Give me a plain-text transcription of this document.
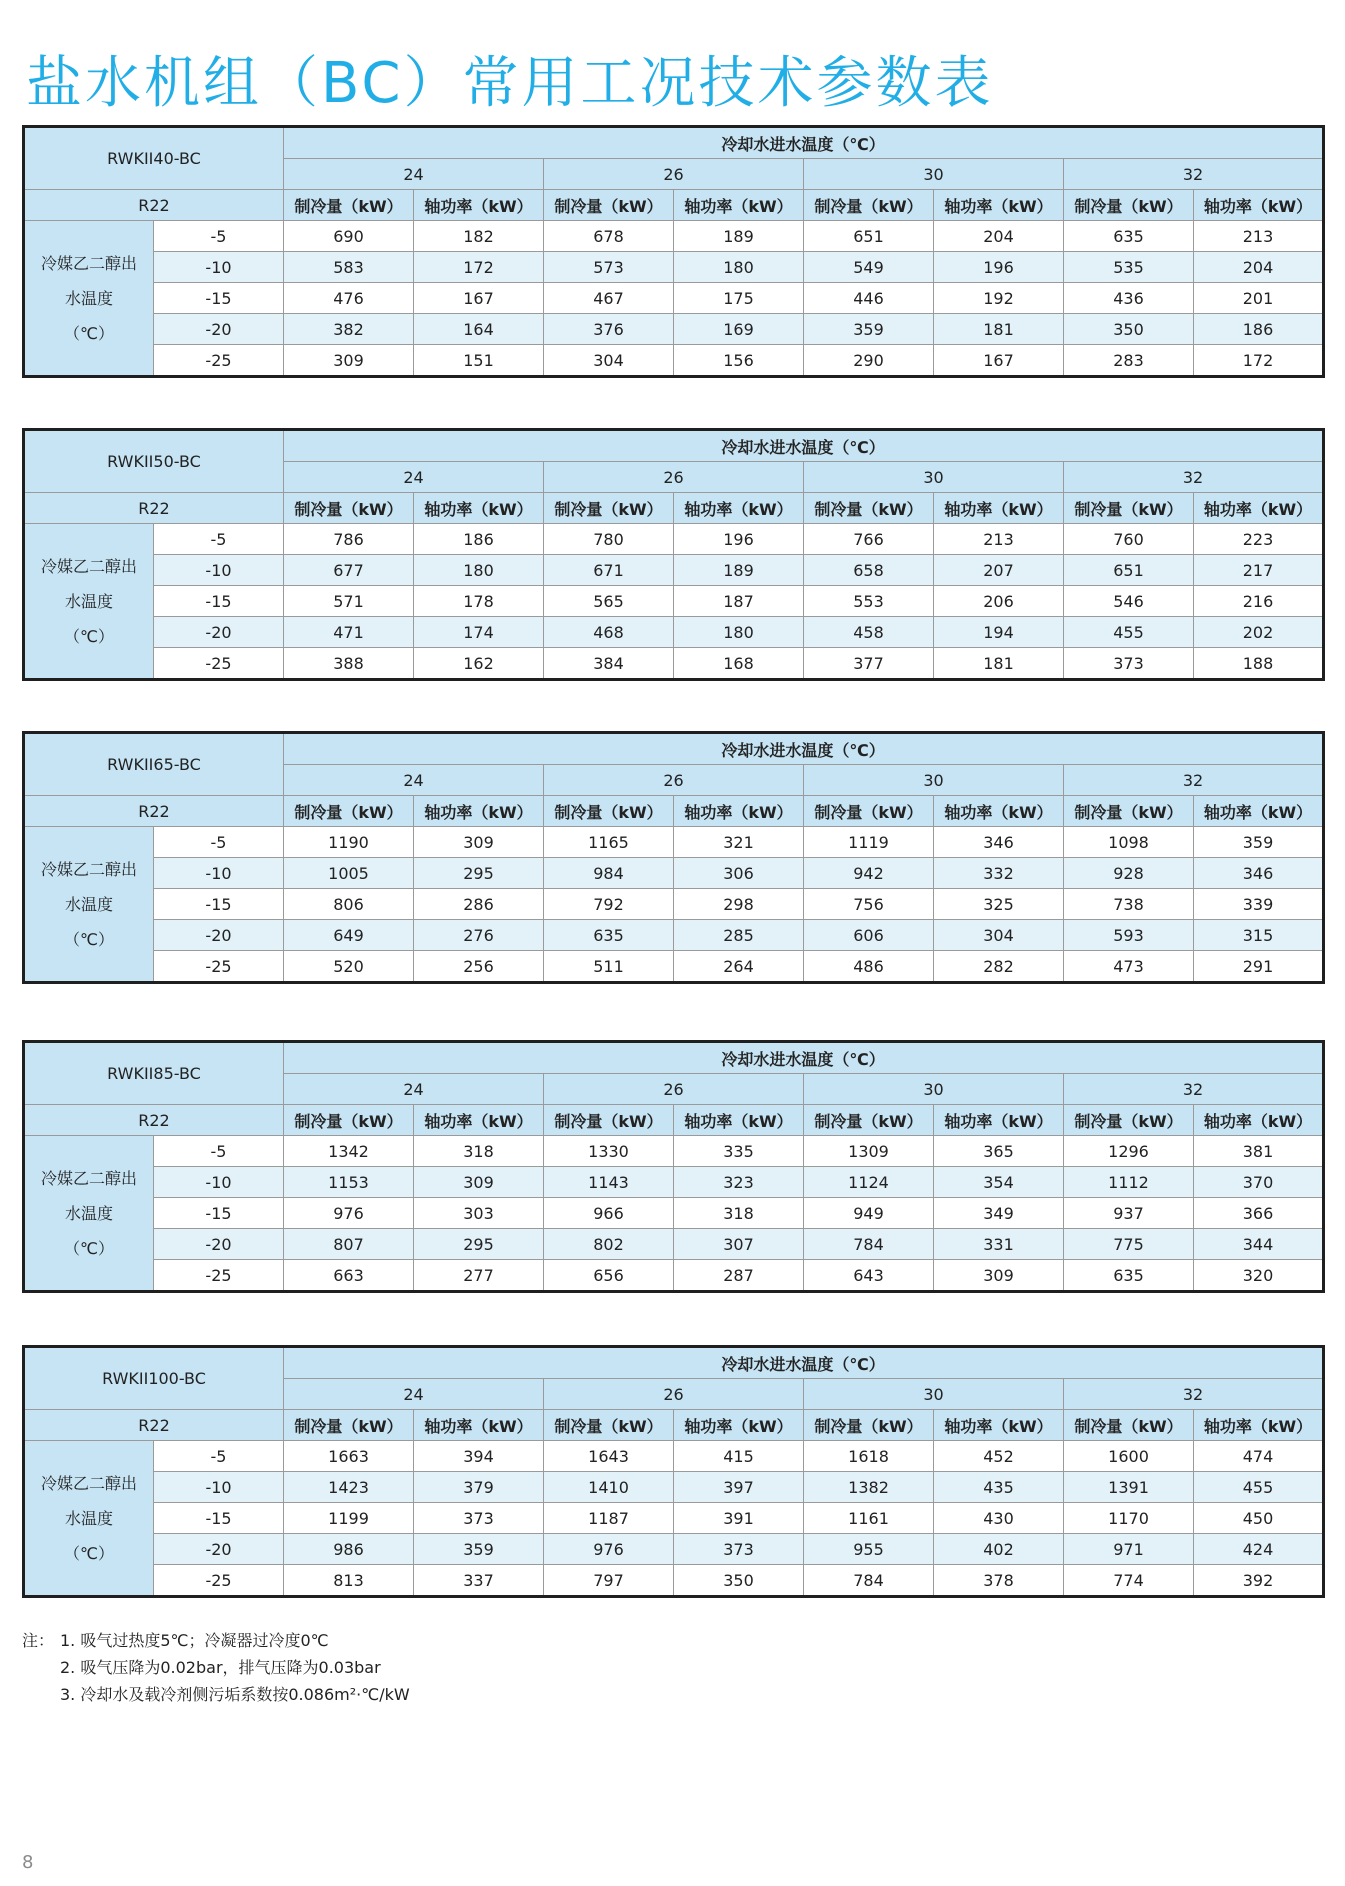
盐水机组（BC）常用工况技术参数表
RWKII40-BC		冷却水进水温度（℃）							
		24		26		30		32	
R22		制冷量（kW）	轴功率（kW）	制冷量（kW）	轴功率（kW）	制冷量（kW）	轴功率（kW）	制冷量（kW）	轴功率（kW）

冷媒乙二醇出
水温度
（℃）	-5	690	182	678	189	651	204	635	213
	-10	583	172	573	180	549	196	535	204
	-15	476	167	467	175	446	192	436	201
	-20	382	164	376	169	359	181	350	186
	-25	309	151	304	156	290	167	283	172
RWKII50-BC		冷却水进水温度（℃）							
		24		26		30		32	
R22		制冷量（kW）	轴功率（kW）	制冷量（kW）	轴功率（kW）	制冷量（kW）	轴功率（kW）	制冷量（kW）	轴功率（kW）

冷媒乙二醇出
水温度
（℃）	-5	786	186	780	196	766	213	760	223
	-10	677	180	671	189	658	207	651	217
	-15	571	178	565	187	553	206	546	216
	-20	471	174	468	180	458	194	455	202
	-25	388	162	384	168	377	181	373	188
RWKII65-BC		冷却水进水温度（℃）							
		24		26		30		32	
R22		制冷量（kW）	轴功率（kW）	制冷量（kW）	轴功率（kW）	制冷量（kW）	轴功率（kW）	制冷量（kW）	轴功率（kW）

冷媒乙二醇出
水温度
（℃）	-5	1190	309	1165	321	1119	346	1098	359
	-10	1005	295	984	306	942	332	928	346
	-15	806	286	792	298	756	325	738	339
	-20	649	276	635	285	606	304	593	315
	-25	520	256	511	264	486	282	473	291
RWKII85-BC		冷却水进水温度（℃）							
		24		26		30		32	
R22		制冷量（kW）	轴功率（kW）	制冷量（kW）	轴功率（kW）	制冷量（kW）	轴功率（kW）	制冷量（kW）	轴功率（kW）

冷媒乙二醇出
水温度
（℃）	-5	1342	318	1330	335	1309	365	1296	381
	-10	1153	309	1143	323	1124	354	1112	370
	-15	976	303	966	318	949	349	937	366
	-20	807	295	802	307	784	331	775	344
	-25	663	277	656	287	643	309	635	320
RWKII100-BC		冷却水进水温度（℃）							
		24		26		30		32	
R22		制冷量（kW）	轴功率（kW）	制冷量（kW）	轴功率（kW）	制冷量（kW）	轴功率（kW）	制冷量（kW）	轴功率（kW）

冷媒乙二醇出
水温度
（℃）	-5	1663	394	1643	415	1618	452	1600	474
	-10	1423	379	1410	397	1382	435	1391	455
	-15	1199	373	1187	391	1161	430	1170	450
	-20	986	359	976	373	955	402	971	424
	-25	813	337	797	350	784	378	774	392
注： 1. 吸气过热度5℃；冷凝器过冷度0℃
2. 吸气压降为0.02bar，排气压降为0.03bar
3. 冷却水及载冷剂侧污垢系数按0.086m²·℃/kW
8
